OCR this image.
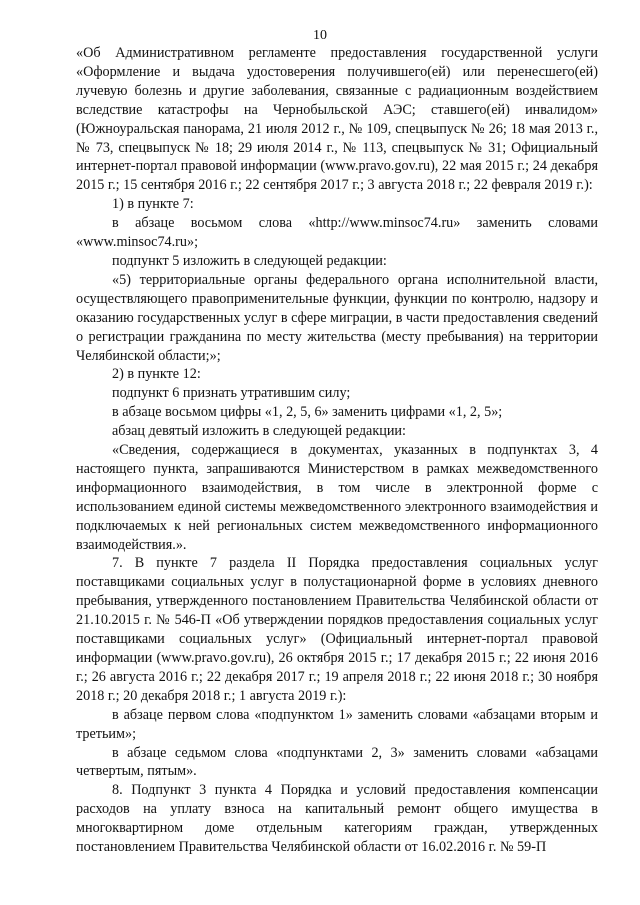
10

«Об Административном регламенте предоставления государственной услуги «Оформление и выдача удостоверения получившего(ей) или перенесшего(ей) лучевую болезнь и другие заболевания, связанные с радиационным воздействием вследствие катастрофы на Чернобыльской АЭС; ставшего(ей) инвалидом» (Южноуральская панорама, 21 июля 2012 г., № 109, спецвыпуск № 26; 18 мая 2013 г., № 73, спецвыпуск № 18; 29 июля 2014 г., № 113, спецвыпуск № 31; Официальный интернет-портал правовой информации (www.pravo.gov.ru), 22 мая 2015 г.; 24 декабря 2015 г.; 15 сентября 2016 г.; 22 сентября 2017 г.; 3 августа 2018 г.; 22 февраля 2019 г.):

1) в пункте 7:

в абзаце восьмом слова «http://www.minsoc74.ru» заменить словами «www.minsoc74.ru»;

подпункт 5 изложить в следующей редакции:

«5) территориальные органы федерального органа исполнительной власти, осуществляющего правоприменительные функции, функции по контролю, надзору и оказанию государственных услуг в сфере миграции, в части предоставления сведений о регистрации гражданина по месту жительства (месту пребывания) на территории Челябинской области;»;

2) в пункте 12:

подпункт 6 признать утратившим силу;

в абзаце восьмом цифры «1, 2, 5, 6» заменить цифрами «1, 2, 5»;

абзац девятый изложить в следующей редакции:

«Сведения, содержащиеся в документах, указанных в подпунктах 3, 4 настоящего пункта, запрашиваются Министерством в рамках межведомственного информационного взаимодействия, в том числе в электронной форме с использованием единой системы межведомственного электронного взаимодействия и подключаемых к ней региональных систем межведомственного информационного взаимодействия.».

7. В пункте 7 раздела II Порядка предоставления социальных услуг поставщиками социальных услуг в полустационарной форме в условиях дневного пребывания, утвержденного постановлением Правительства Челябинской области от 21.10.2015 г. № 546-П «Об утверждении порядков предоставления социальных услуг поставщиками социальных услуг» (Официальный интернет-портал правовой информации (www.pravo.gov.ru), 26 октября 2015 г.; 17 декабря 2015 г.; 22 июня 2016 г.; 26 августа 2016 г.; 22 декабря 2017 г.; 19 апреля 2018 г.; 22 июня 2018 г.; 30 ноября 2018 г.; 20 декабря 2018 г.; 1 августа 2019 г.):

в абзаце первом слова «подпунктом 1» заменить словами «абзацами вторым и третьим»;

в абзаце седьмом слова «подпунктами 2, 3» заменить словами «абзацами четвертым, пятым».

8. Подпункт 3 пункта 4 Порядка и условий предоставления компенсации расходов на уплату взноса на капитальный ремонт общего имущества в многоквартирном доме отдельным категориям граждан, утвержденных постановлением Правительства Челябинской области от 16.02.2016 г. № 59-П
